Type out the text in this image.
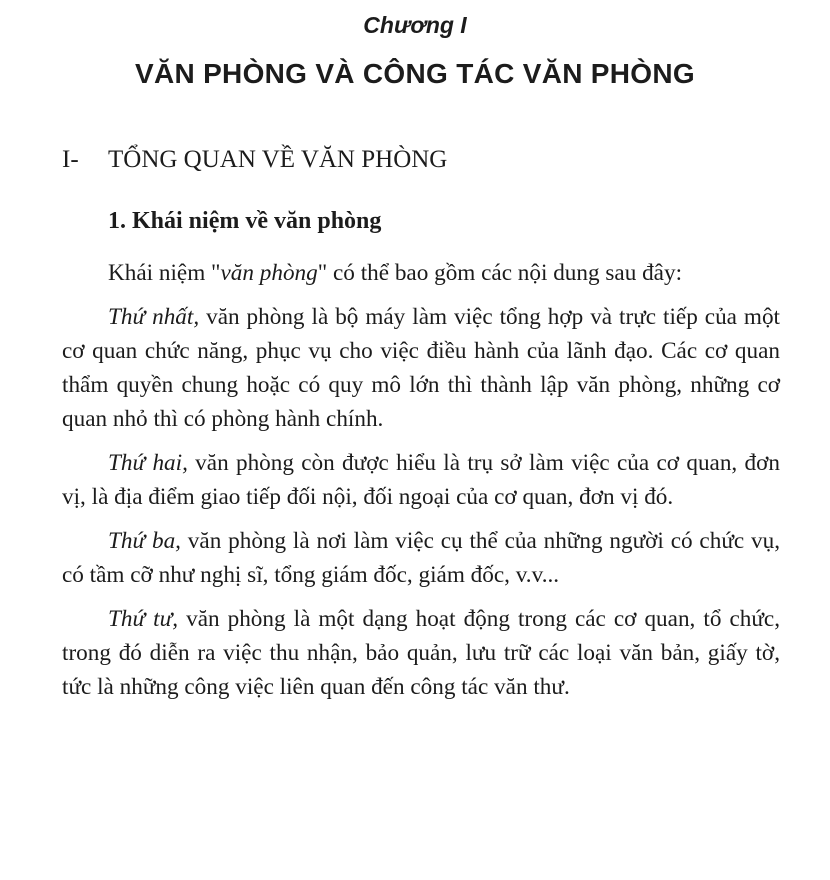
Chương I
VĂN PHÒNG VÀ CÔNG TÁC VĂN PHÒNG
I- TỔNG QUAN VỀ VĂN PHÒNG
1. Khái niệm về văn phòng

Khái niệm "văn phòng" có thể bao gồm các nội dung sau đây:

Thứ nhất, văn phòng là bộ máy làm việc tổng hợp và trực tiếp của một cơ quan chức năng, phục vụ cho việc điều hành của lãnh đạo. Các cơ quan thẩm quyền chung hoặc có quy mô lớn thì thành lập văn phòng, những cơ quan nhỏ thì có phòng hành chính.

Thứ hai, văn phòng còn được hiểu là trụ sở làm việc của cơ quan, đơn vị, là địa điểm giao tiếp đối nội, đối ngoại của cơ quan, đơn vị đó.

Thứ ba, văn phòng là nơi làm việc cụ thể của những người có chức vụ, có tầm cỡ như nghị sĩ, tổng giám đốc, giám đốc, v.v...

Thứ tư, văn phòng là một dạng hoạt động trong các cơ quan, tổ chức, trong đó diễn ra việc thu nhận, bảo quản, lưu trữ các loại văn bản, giấy tờ, tức là những công việc liên quan đến công tác văn thư.
